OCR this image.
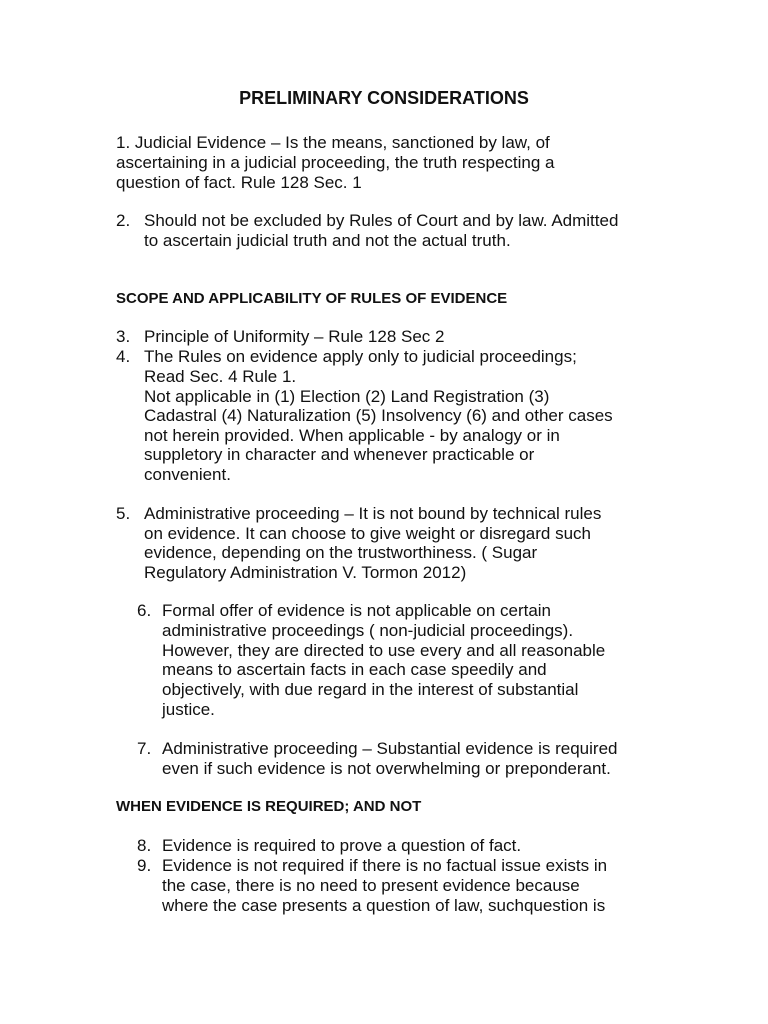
PRELIMINARY CONSIDERATIONS
1. Judicial Evidence – Is the means, sanctioned by law, of
ascertaining in a judicial proceeding, the truth respecting a
question of fact. Rule 128 Sec. 1
2. Should not be excluded by Rules of Court and by law. Admitted
to ascertain judicial truth and not the actual truth.
SCOPE AND APPLICABILITY OF RULES OF EVIDENCE
3. Principle of Uniformity – Rule 128 Sec 2
4. The Rules on evidence apply only to judicial proceedings;
Read Sec. 4 Rule 1.
Not applicable in (1) Election (2) Land Registration (3)
Cadastral (4) Naturalization (5) Insolvency (6) and other cases
not herein provided. When applicable - by analogy or in
suppletory in character and whenever practicable or
convenient.
5. Administrative proceeding – It is not bound by technical rules
on evidence. It can choose to give weight or disregard such
evidence, depending on the trustworthiness. ( Sugar
Regulatory Administration V. Tormon 2012)
6. Formal offer of evidence is not applicable on certain
administrative proceedings ( non-judicial proceedings).
However, they are directed to use every and all reasonable
means to ascertain facts in each case speedily and
objectively, with due regard in the interest of substantial
justice.
7. Administrative proceeding – Substantial evidence is required
even if such evidence is not overwhelming or preponderant.
WHEN EVIDENCE IS REQUIRED; AND NOT
8. Evidence is required to prove a question of fact.
9. Evidence is not required if there is no factual issue exists in
the case, there is no need to present evidence because
where the case presents a question of law, suchquestion is
